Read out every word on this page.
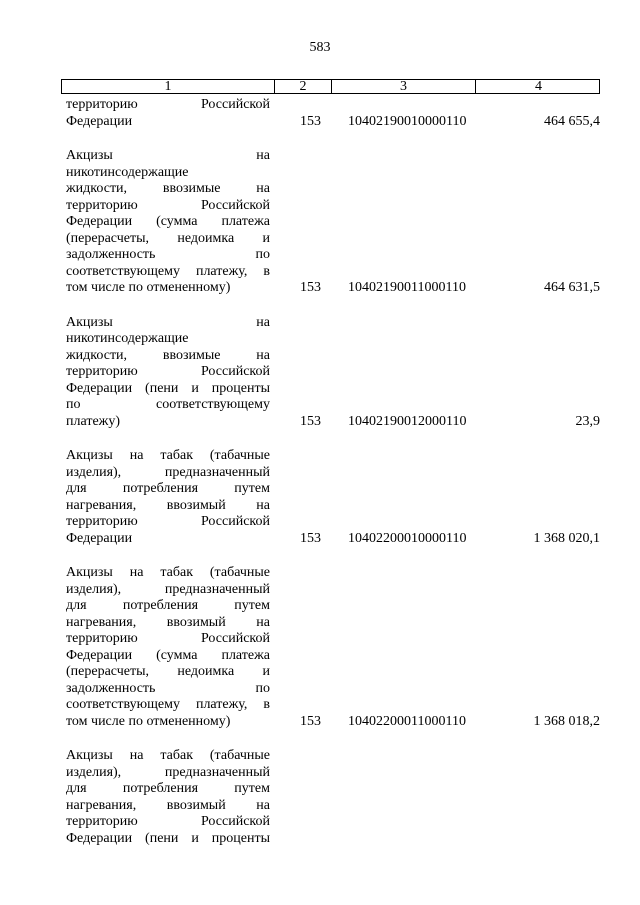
583
1	2	3	4
территорию Российской
Федерации	153	10402190010000110	464 655,4
Акцизы на
никотинсодержащие
жидкости, ввозимые на
территорию Российской
Федерации (сумма платежа
(перерасчеты, недоимка и
задолженность по
соответствующему платежу, в
том числе по отмененному)	153	10402190011000110	464 631,5
Акцизы на
никотинсодержащие
жидкости, ввозимые на
территорию Российской
Федерации (пени и проценты
по соответствующему
платежу)	153	10402190012000110	23,9
Акцизы на табак (табачные
изделия), предназначенный
для потребления путем
нагревания, ввозимый на
территорию Российской
Федерации	153	10402200010000110	1 368 020,1
Акцизы на табак (табачные
изделия), предназначенный
для потребления путем
нагревания, ввозимый на
территорию Российской
Федерации (сумма платежа
(перерасчеты, недоимка и
задолженность по
соответствующему платежу, в
том числе по отмененному)	153	10402200011000110	1 368 018,2
Акцизы на табак (табачные
изделия), предназначенный
для потребления путем
нагревания, ввозимый на
территорию Российской
Федерации (пени и проценты
